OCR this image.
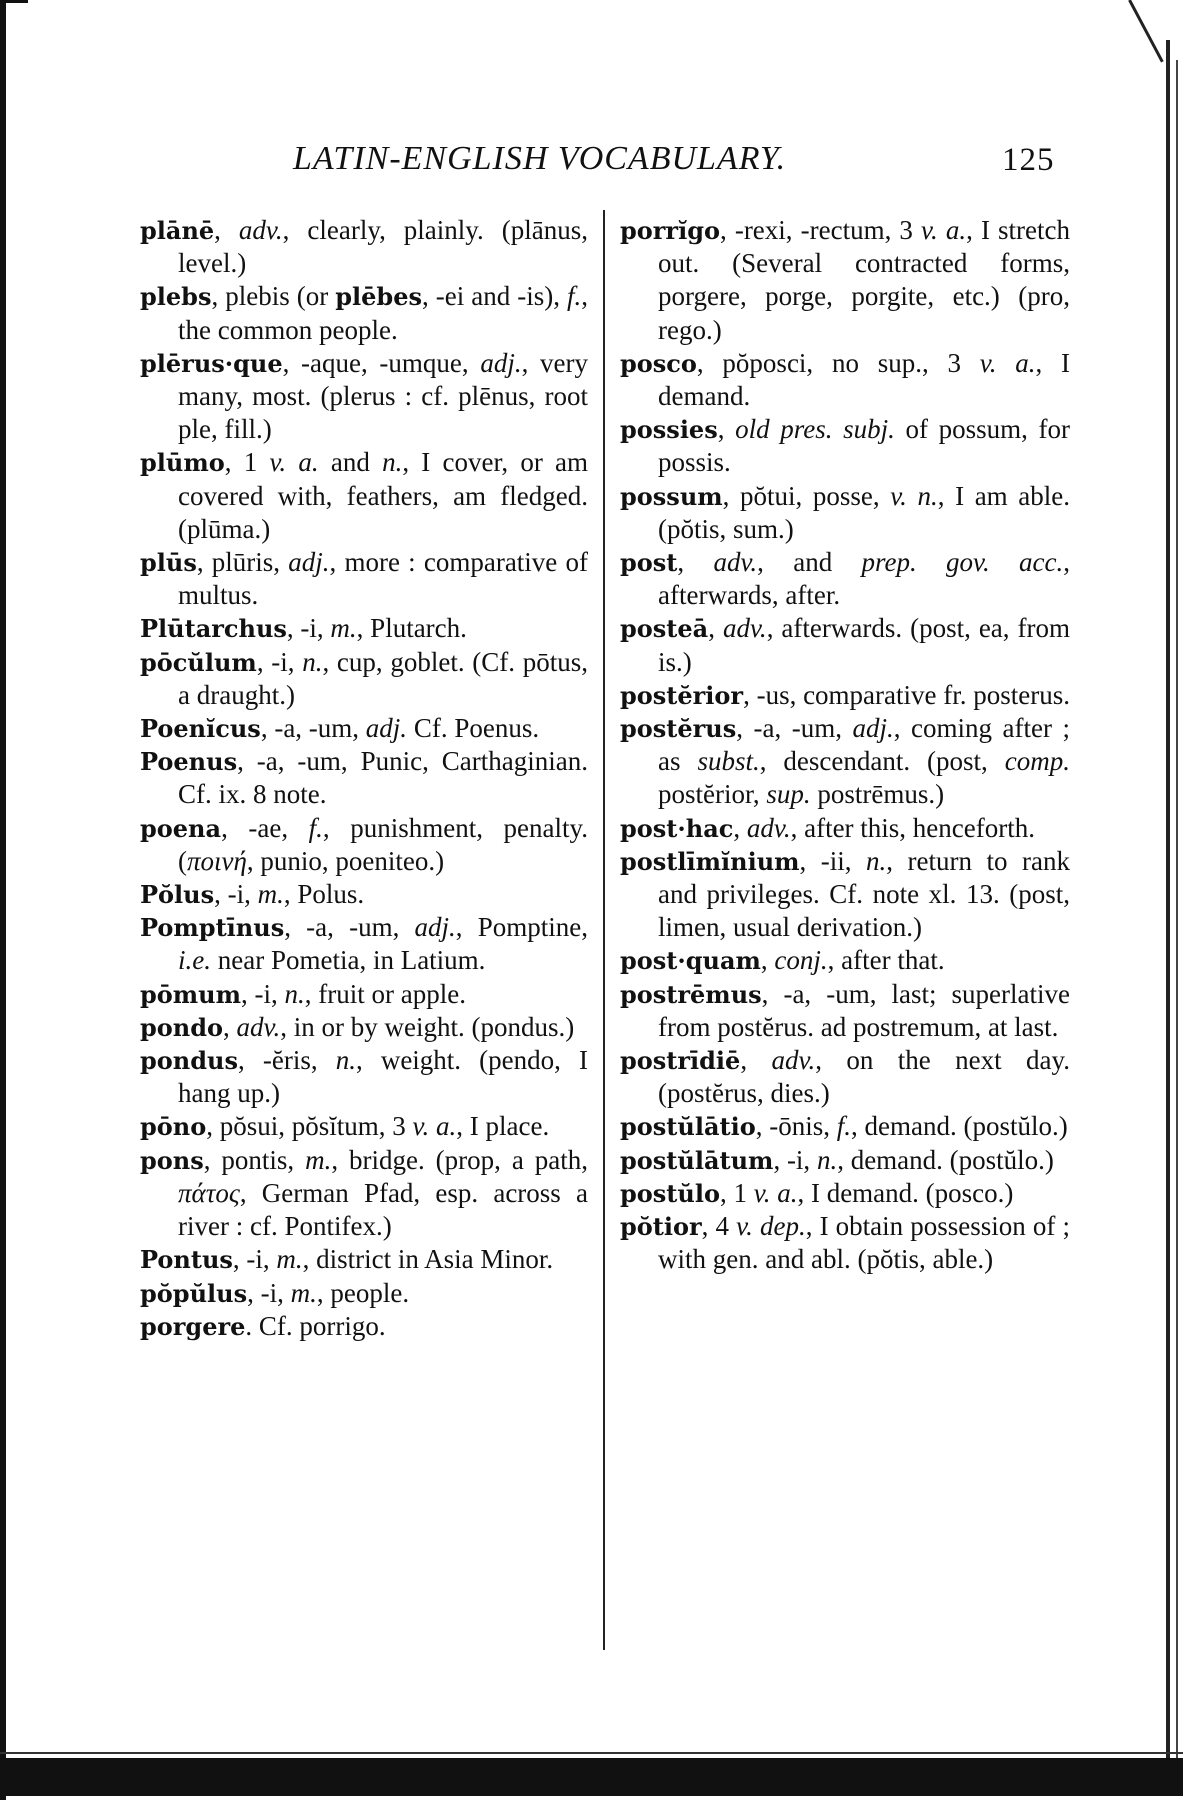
LATIN-ENGLISH VOCABULARY.	125
plānē, adv., clearly, plainly. (plānus, level.)
plebs, plebis (or plēbes, -ei and -is), f., the common people.
plērus·que, -aque, -umque, adj., very many, most. (plerus : cf. plēnus, root ple, fill.)
plūmo, 1 v. a. and n., I cover, or am covered with, feathers, am fledged. (plūma.)
plūs, plūris, adj., more : comparative of multus.
Plūtarchus, -i, m., Plutarch.
pōcŭlum, -i, n., cup, goblet. (Cf. pōtus, a draught.)
Poenĭcus, -a, -um, adj. Cf. Poenus.
Poenus, -a, -um, Punic, Carthaginian. Cf. ix. 8 note.
poena, -ae, f., punishment, penalty. (ποινή, punio, poeniteo.)
Pŏlus, -i, m., Polus.
Pomptīnus, -a, -um, adj., Pomptine, i.e. near Pometia, in Latium.
pōmum, -i, n., fruit or apple.
pondo, adv., in or by weight. (pondus.)
pondus, -ĕris, n., weight. (pendo, I hang up.)
pōno, pŏsui, pŏsĭtum, 3 v. a., I place.
pons, pontis, m., bridge. (prop, a path, πάτος, German Pfad, esp. across a river : cf. Pontifex.)
Pontus, -i, m., district in Asia Minor.
pŏpŭlus, -i, m., people.
porgere. Cf. porrigo.
porrĭgo, -rexi, -rectum, 3 v. a., I stretch out. (Several contracted forms, porgere, porge, porgite, etc.) (pro, rego.)
posco, pŏposci, no sup., 3 v. a., I demand.
possies, old pres. subj. of possum, for possis.
possum, pŏtui, posse, v. n., I am able. (pŏtis, sum.)
post, adv., and prep. gov. acc., afterwards, after.
posteā, adv., afterwards. (post, ea, from is.)
postĕrior, -us, comparative fr. posterus.
postĕrus, -a, -um, adj., coming after ; as subst., descendant. (post, comp. postĕrior, sup. postrēmus.)
post·hac, adv., after this, henceforth.
postlīmĭnium, -ii, n., return to rank and privileges. Cf. note xl. 13. (post, limen, usual derivation.)
post·quam, conj., after that.
postrēmus, -a, -um, last; superlative from postĕrus. ad postremum, at last.
postrīdiē, adv., on the next day. (postĕrus, dies.)
postŭlātio, -ōnis, f., demand. (postŭlo.)
postŭlātum, -i, n., demand. (postŭlo.)
postŭlo, 1 v. a., I demand. (posco.)
pŏtior, 4 v. dep., I obtain possession of ; with gen. and abl. (pŏtis, able.)
